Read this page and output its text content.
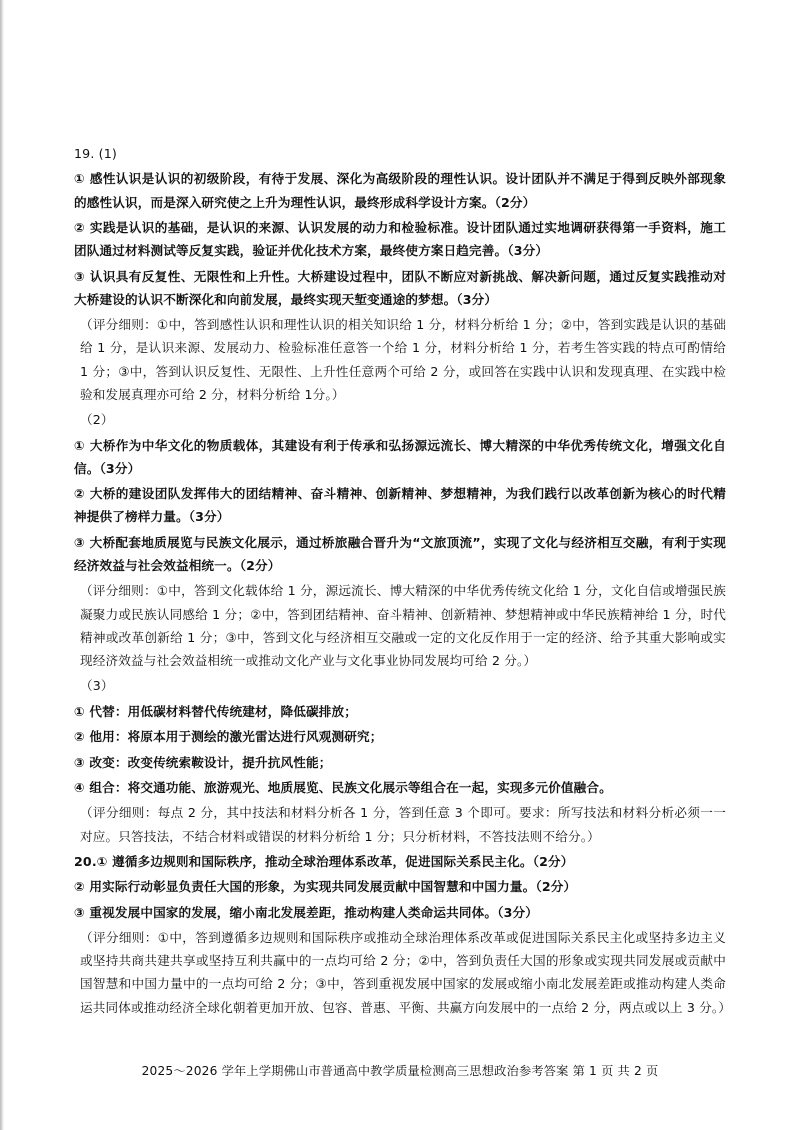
19. (1)

① 感性认识是认识的初级阶段，有待于发展、深化为高级阶段的理性认识。设计团队并不满足于得到反映外部现象的感性认识，而是深入研究使之上升为理性认识，最终形成科学设计方案。（2分）

② 实践是认识的基础，是认识的来源、认识发展的动力和检验标准。设计团队通过实地调研获得第一手资料，施工团队通过材料测试等反复实践，验证并优化技术方案，最终使方案日趋完善。（3分）

③ 认识具有反复性、无限性和上升性。大桥建设过程中，团队不断应对新挑战、解决新问题，通过反复实践推动对大桥建设的认识不断深化和向前发展，最终实现天堑变通途的梦想。（3分）

（评分细则：①中，答到感性认识和理性认识的相关知识给 1 分，材料分析给 1 分；②中，答到实践是认识的基础给 1 分，是认识来源、发展动力、检验标准任意答一个给 1 分，材料分析给 1 分，若考生答实践的特点可酌情给 1 分；③中，答到认识反复性、无限性、上升性任意两个可给 2 分，或回答在实践中认识和发现真理、在实践中检验和发展真理亦可给 2 分，材料分析给 1分。）

（2）

① 大桥作为中华文化的物质载体，其建设有利于传承和弘扬源远流长、博大精深的中华优秀传统文化，增强文化自信。（3分）

② 大桥的建设团队发挥伟大的团结精神、奋斗精神、创新精神、梦想精神，为我们践行以改革创新为核心的时代精神提供了榜样力量。（3分）

③ 大桥配套地质展览与民族文化展示，通过桥旅融合晋升为“文旅顶流”，实现了文化与经济相互交融，有利于实现经济效益与社会效益相统一。（2分）

（评分细则：①中，答到文化载体给 1 分，源远流长、博大精深的中华优秀传统文化给 1 分，文化自信或增强民族凝聚力或民族认同感给 1 分；②中，答到团结精神、奋斗精神、创新精神、梦想精神或中华民族精神给 1 分，时代精神或改革创新给 1 分；③中，答到文化与经济相互交融或一定的文化反作用于一定的经济、给予其重大影响或实现经济效益与社会效益相统一或推动文化产业与文化事业协同发展均可给 2 分。）

（3）

① 代替：用低碳材料替代传统建材，降低碳排放；

② 他用：将原本用于测绘的激光雷达进行风观测研究；

③ 改变：改变传统索鞍设计，提升抗风性能；

④ 组合：将交通功能、旅游观光、地质展览、民族文化展示等组合在一起，实现多元价值融合。

（评分细则：每点 2 分，其中技法和材料分析各 1 分，答到任意 3 个即可。要求：所写技法和材料分析必须一一对应。只答技法，不结合材料或错误的材料分析给 1 分；只分析材料，不答技法则不给分。）

20.① 遵循多边规则和国际秩序，推动全球治理体系改革，促进国际关系民主化。（2分）

② 用实际行动彰显负责任大国的形象，为实现共同发展贡献中国智慧和中国力量。（2分）

③ 重视发展中国家的发展，缩小南北发展差距，推动构建人类命运共同体。（3分）

（评分细则：①中，答到遵循多边规则和国际秩序或推动全球治理体系改革或促进国际关系民主化或坚持多边主义或坚持共商共建共享或坚持互利共赢中的一点均可给 2 分；②中，答到负责任大国的形象或实现共同发展或贡献中国智慧和中国力量中的一点均可给 2 分；③中，答到重视发展中国家的发展或缩小南北发展差距或推动构建人类命运共同体或推动经济全球化朝着更加开放、包容、普惠、平衡、共赢方向发展中的一点给 2 分，两点或以上 3 分。）

2025～2026 学年上学期佛山市普通高中教学质量检测高三思想政治参考答案 第 1 页 共 2 页
